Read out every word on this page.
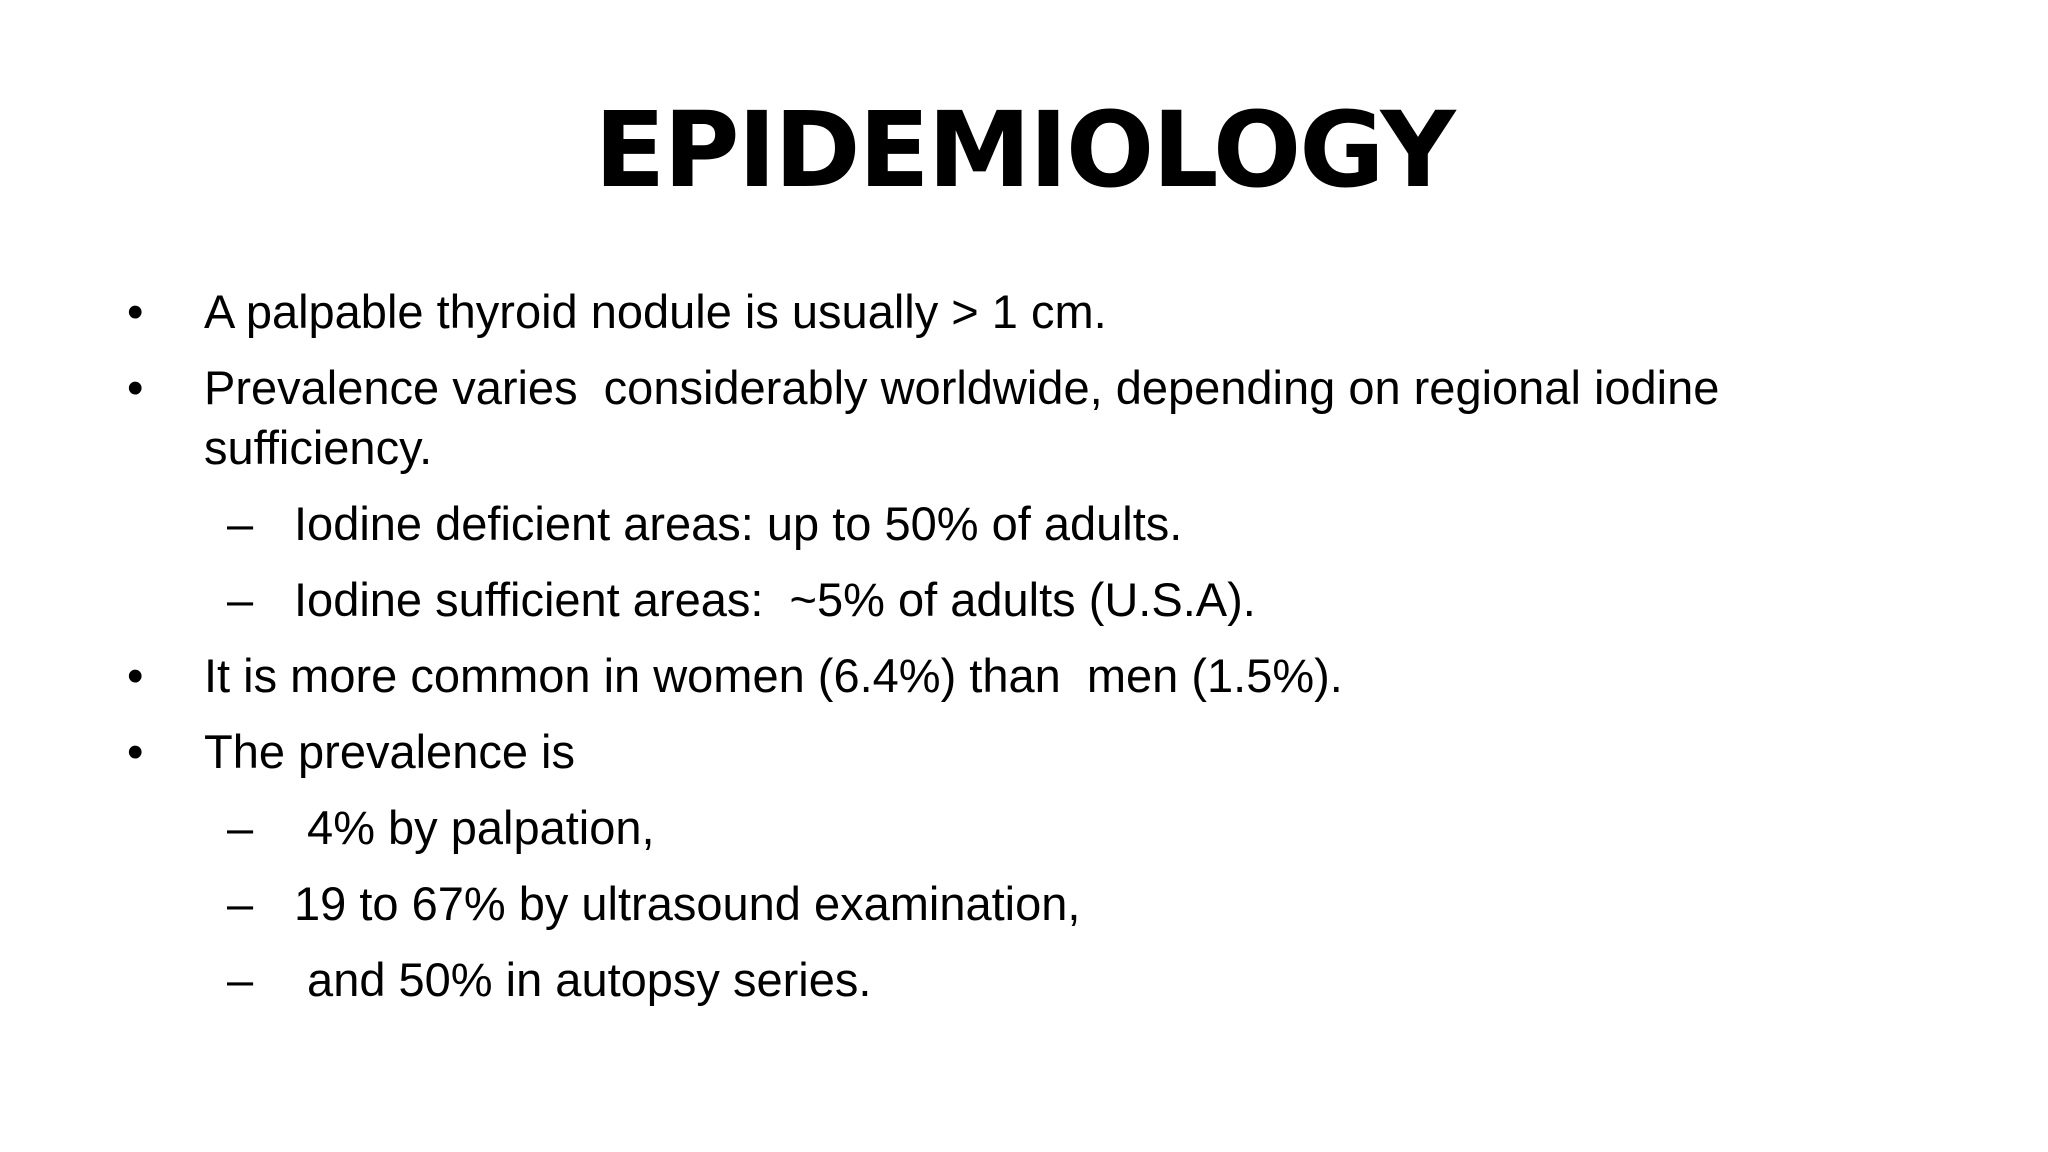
EPIDEMIOLOGY
• A palpable thyroid nodule is usually > 1 cm.
• Prevalence varies  considerably worldwide, depending on regional iodine
sufficiency.
– Iodine deficient areas: up to 50% of adults.
– Iodine sufficient areas:  ~5% of adults (U.S.A).
• It is more common in women (6.4%) than  men (1.5%).
• The prevalence is
– 4% by palpation,
– 19 to 67% by ultrasound examination,
– and 50% in autopsy series.
